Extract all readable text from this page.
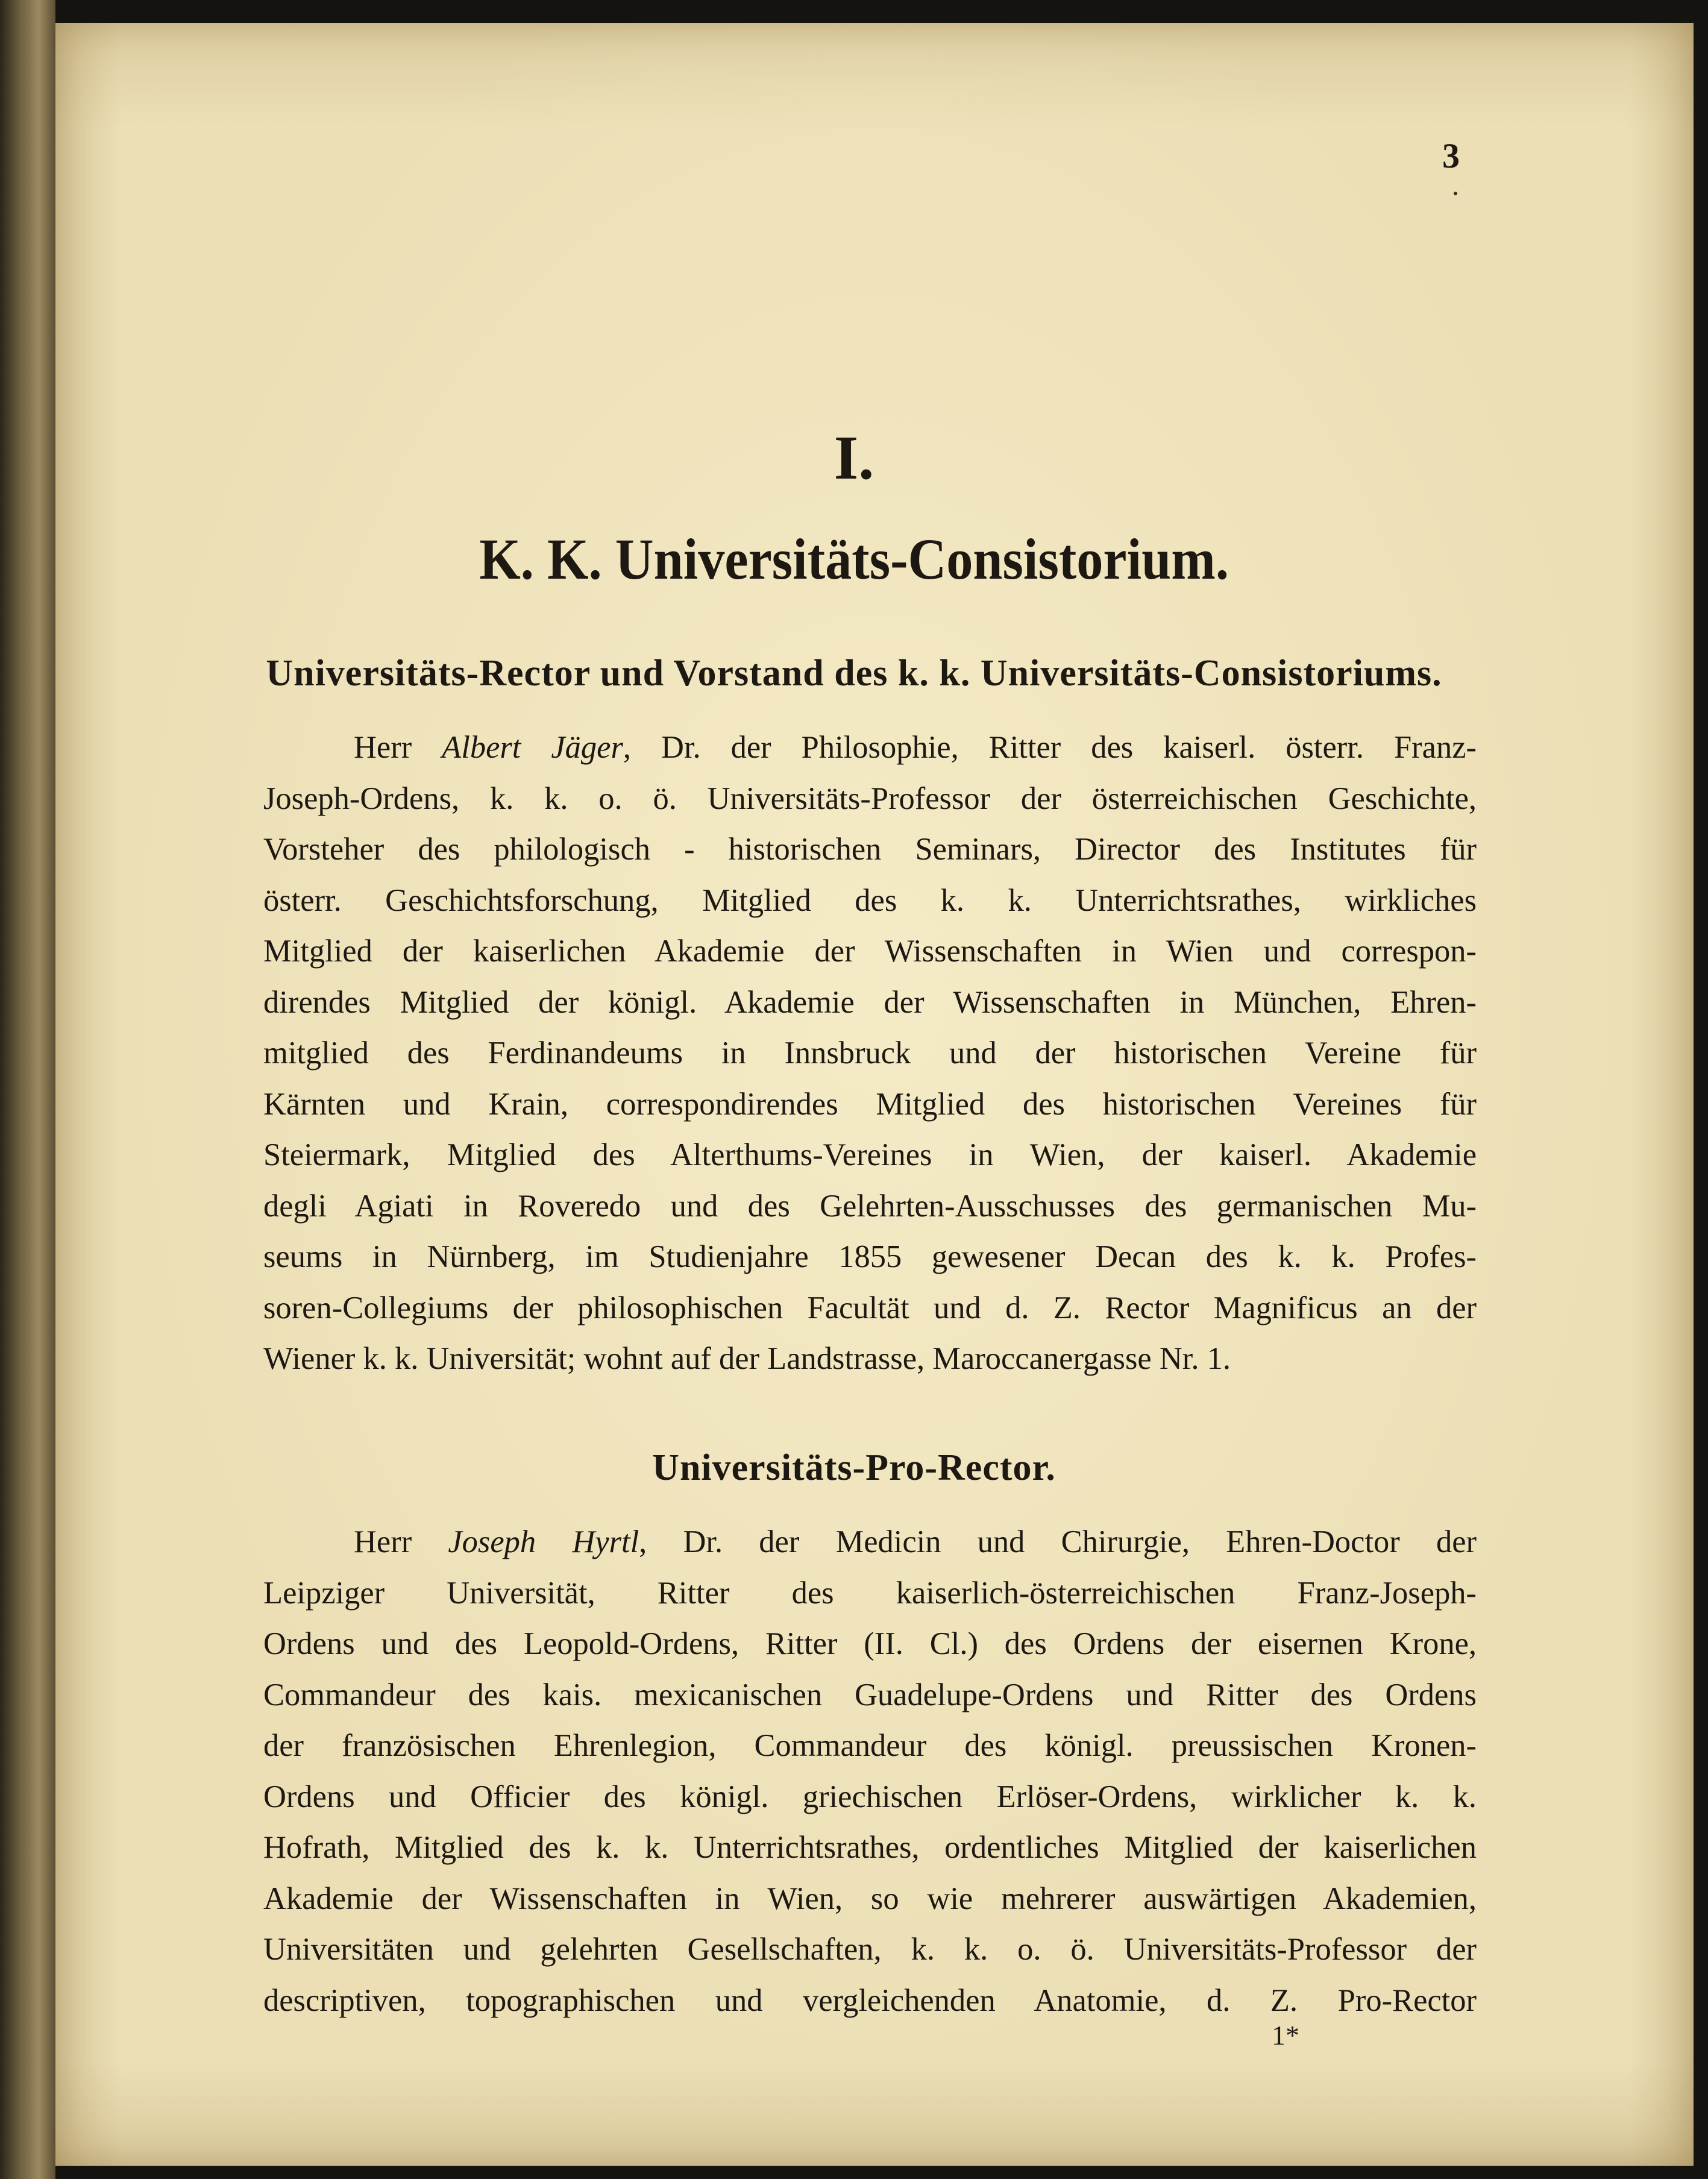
3
I.
K. K. Universitäts-Consistorium.
Universitäts-Rector und Vorstand des k. k. Universitäts-Consistoriums.
Herr Albert Jäger, Dr. der Philosophie, Ritter des kaiserl. österr. Franz-
Joseph-Ordens, k. k. o. ö. Universitäts-Professor der österreichischen Geschichte,
Vorsteher des philologisch - historischen Seminars, Director des Institutes für
österr. Geschichtsforschung, Mitglied des k. k. Unterrichtsrathes, wirkliches
Mitglied der kaiserlichen Akademie der Wissenschaften in Wien und correspon-
direndes Mitglied der königl. Akademie der Wissenschaften in München, Ehren-
mitglied des Ferdinandeums in Innsbruck und der historischen Vereine für
Kärnten und Krain, correspondirendes Mitglied des historischen Vereines für
Steiermark, Mitglied des Alterthums-Vereines in Wien, der kaiserl. Akademie
degli Agiati in Roveredo und des Gelehrten-Ausschusses des germanischen Mu-
seums in Nürnberg, im Studienjahre 1855 gewesener Decan des k. k. Profes-
soren-Collegiums der philosophischen Facultät und d. Z. Rector Magnificus an der
Wiener k. k. Universität; wohnt auf der Landstrasse, Maroccanergasse Nr. 1.
Universitäts-Pro-Rector.
Herr Joseph Hyrtl, Dr. der Medicin und Chirurgie, Ehren-Doctor der
Leipziger Universität, Ritter des kaiserlich-österreichischen Franz-Joseph-
Ordens und des Leopold-Ordens, Ritter (II. Cl.) des Ordens der eisernen Krone,
Commandeur des kais. mexicanischen Guadelupe-Ordens und Ritter des Ordens
der französischen Ehrenlegion, Commandeur des königl. preussischen Kronen-
Ordens und Officier des königl. griechischen Erlöser-Ordens, wirklicher k. k.
Hofrath, Mitglied des k. k. Unterrichtsrathes, ordentliches Mitglied der kaiserlichen
Akademie der Wissenschaften in Wien, so wie mehrerer auswärtigen Akademien,
Universitäten und gelehrten Gesellschaften, k. k. o. ö. Universitäts-Professor der
descriptiven, topographischen und vergleichenden Anatomie, d. Z. Pro-Rector
1*
